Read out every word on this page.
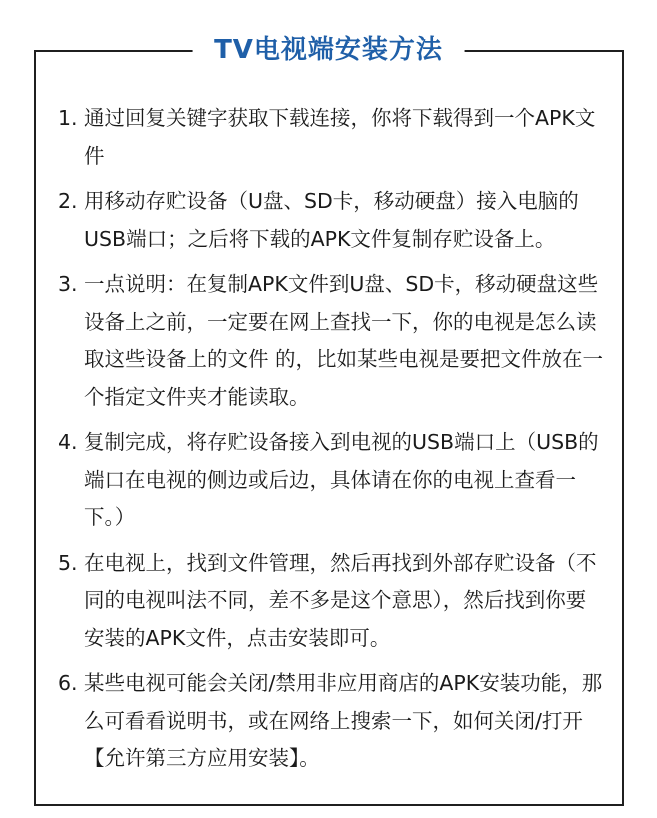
TV电视端安装方法
1. 通过回复关键字获取下载连接，你将下载得到一个APK文件
2. 用移动存贮设备（U盘、SD卡，移动硬盘）接入电脑的USB端口；之后将下载的APK文件复制存贮设备上。
3. 一点说明：在复制APK文件到U盘、SD卡，移动硬盘这些设备上之前，一定要在网上查找一下，你的电视是怎么读取这些设备上的文件 的，比如某些电视是要把文件放在一个指定文件夹才能读取。
4. 复制完成，将存贮设备接入到电视的USB端口上（USB的端口在电视的侧边或后边，具体请在你的电视上查看一下。）
5. 在电视上，找到文件管理，然后再找到外部存贮设备（不同的电视叫法不同，差不多是这个意思），然后找到你要安装的APK文件，点击安装即可。
6. 某些电视可能会关闭/禁用非应用商店的APK安装功能，那么可看看说明书，或在网络上搜索一下，如何关闭/打开【允许第三方应用安装】。
